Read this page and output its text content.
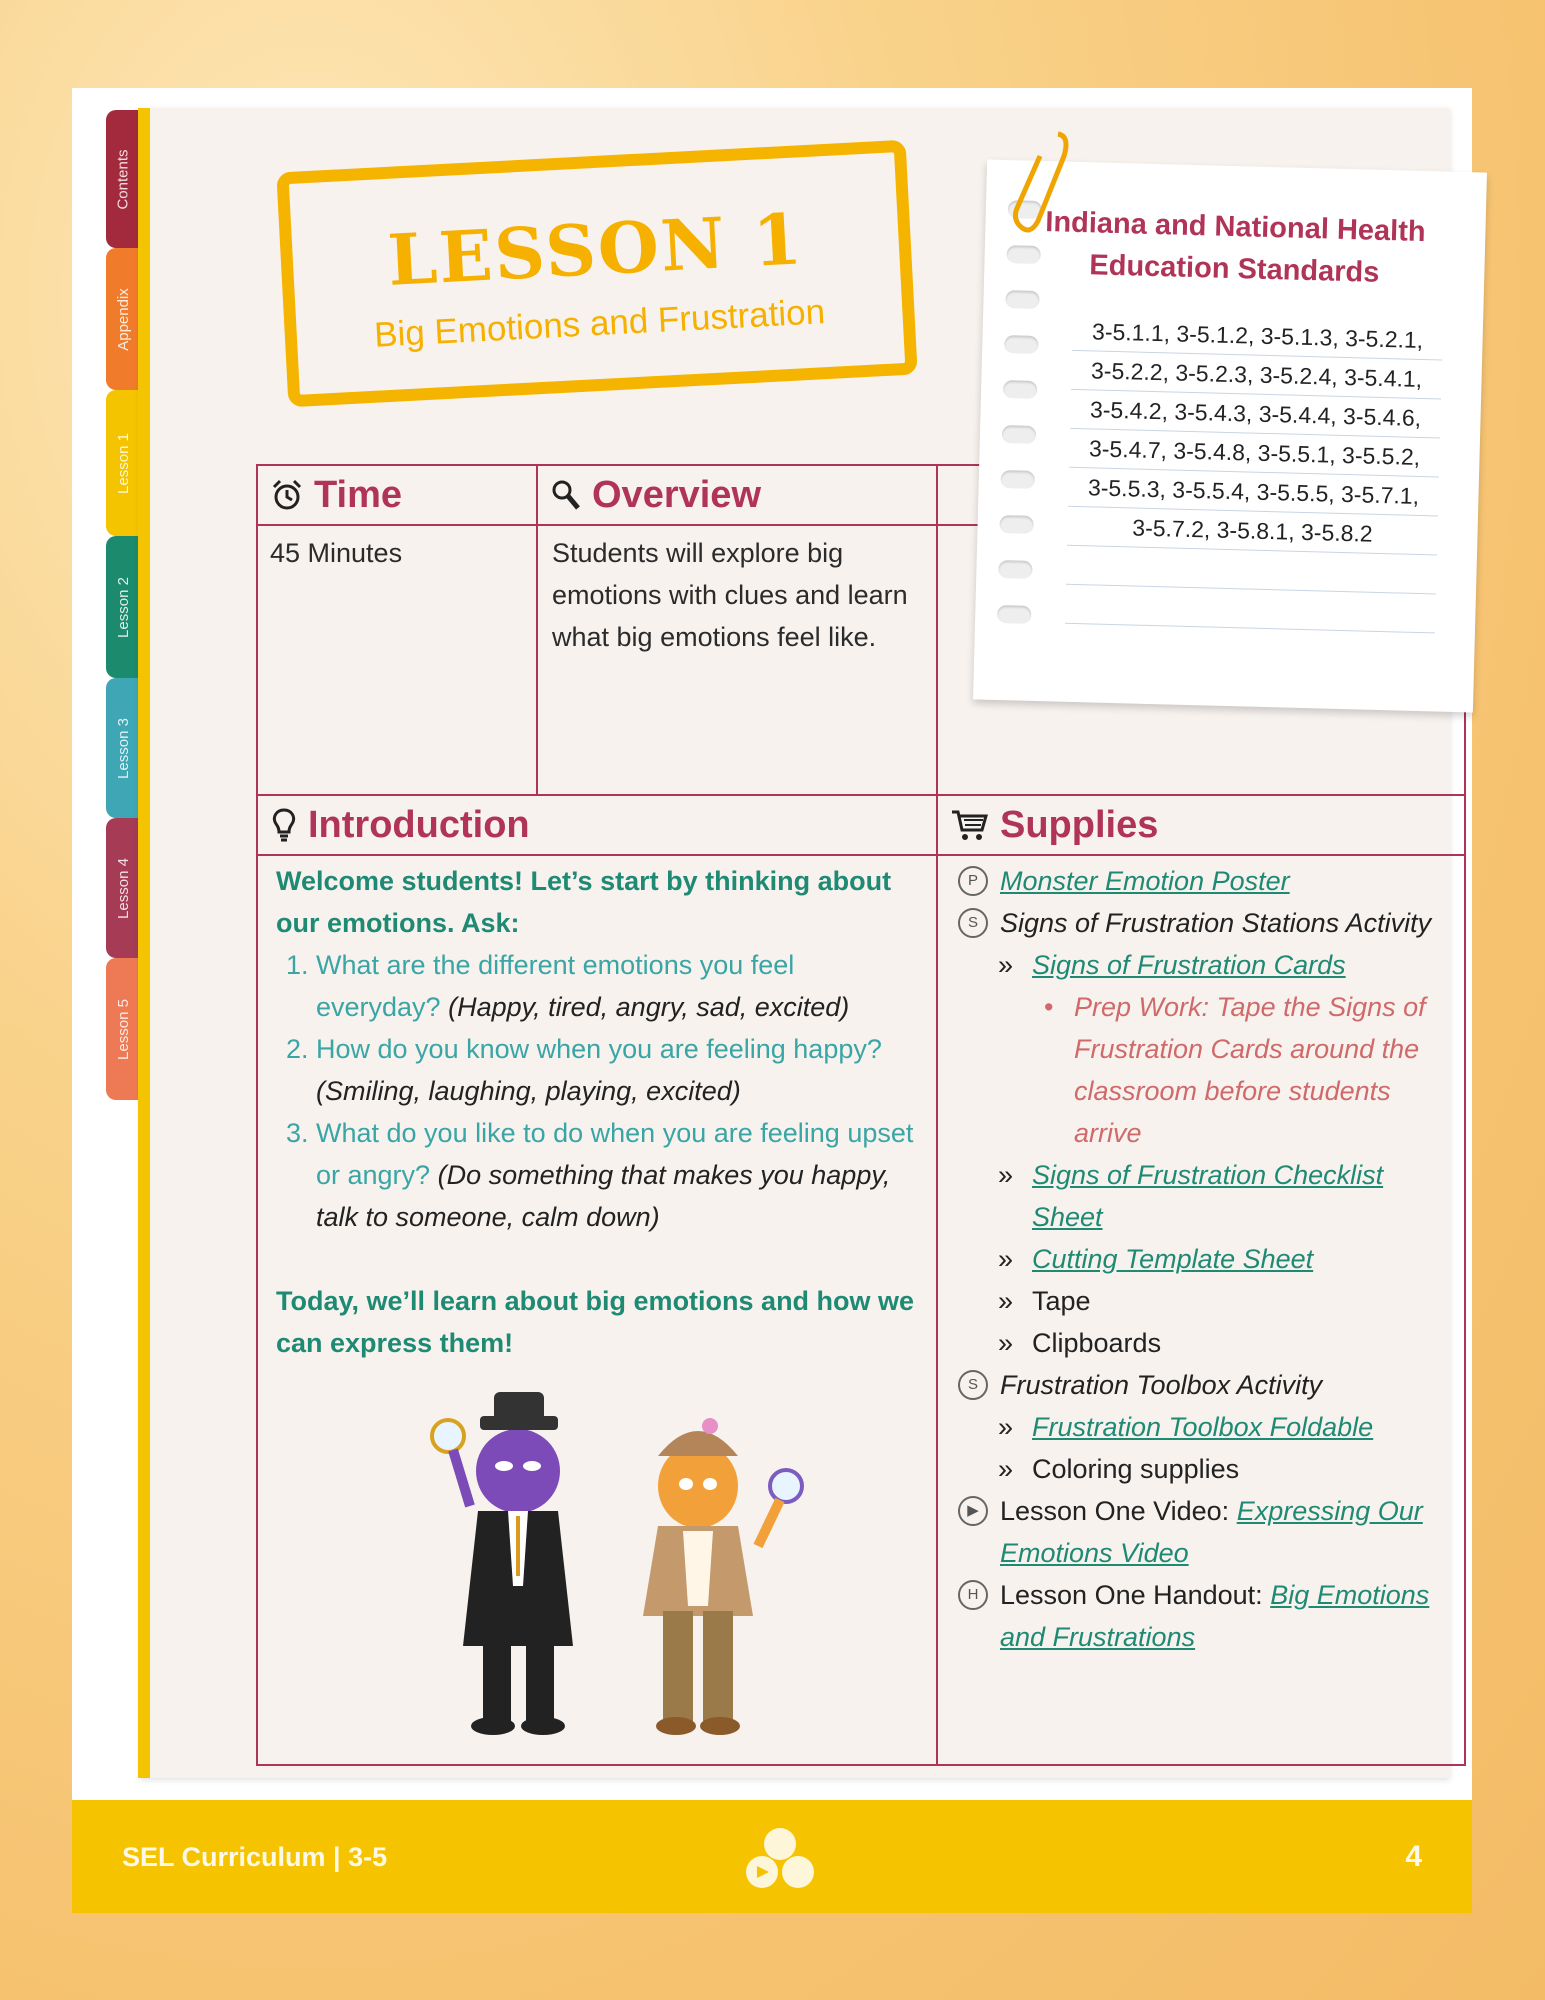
Contents
Appendix
Lesson 1
Lesson 2
Lesson 3
Lesson 4
Lesson 5
LESSON 1
Big Emotions and Frustration
Time	Overview
45 Minutes	Students will explore big emotions with clues and learn what big emotions feel like.
Introduction	Supplies
Welcome students! Let’s start by thinking about our emotions. Ask:
1. What are the different emotions you feel everyday? (Happy, tired, angry, sad, excited)
2. How do you know when you are feeling happy? (Smiling, laughing, playing, excited)
3. What do you like to do when you are feeling upset or angry? (Do something that makes you happy, talk to someone, calm down)
Today, we’ll learn about big emotions and how we can express them!
P Monster Emotion Poster
S Signs of Frustration Stations Activity
» Signs of Frustration Cards
• Prep Work: Tape the Signs of Frustration Cards around the classroom before students arrive
» Signs of Frustration Checklist Sheet
» Cutting Template Sheet
» Tape
» Clipboards
S Frustration Toolbox Activity
» Frustration Toolbox Foldable
» Coloring supplies
▶ Lesson One Video: Expressing Our Emotions Video
H Lesson One Handout: Big Emotions and Frustrations
Indiana and National Health
Education Standards
3-5.1.1, 3-5.1.2, 3-5.1.3, 3-5.2.1,
3-5.2.2, 3-5.2.3, 3-5.2.4, 3-5.4.1,
3-5.4.2, 3-5.4.3, 3-5.4.4, 3-5.4.6,
3-5.4.7, 3-5.4.8, 3-5.5.1, 3-5.5.2,
3-5.5.3, 3-5.5.4, 3-5.5.5, 3-5.7.1,
3-5.7.2, 3-5.8.1, 3-5.8.2
SEL Curriculum | 3-5	4
